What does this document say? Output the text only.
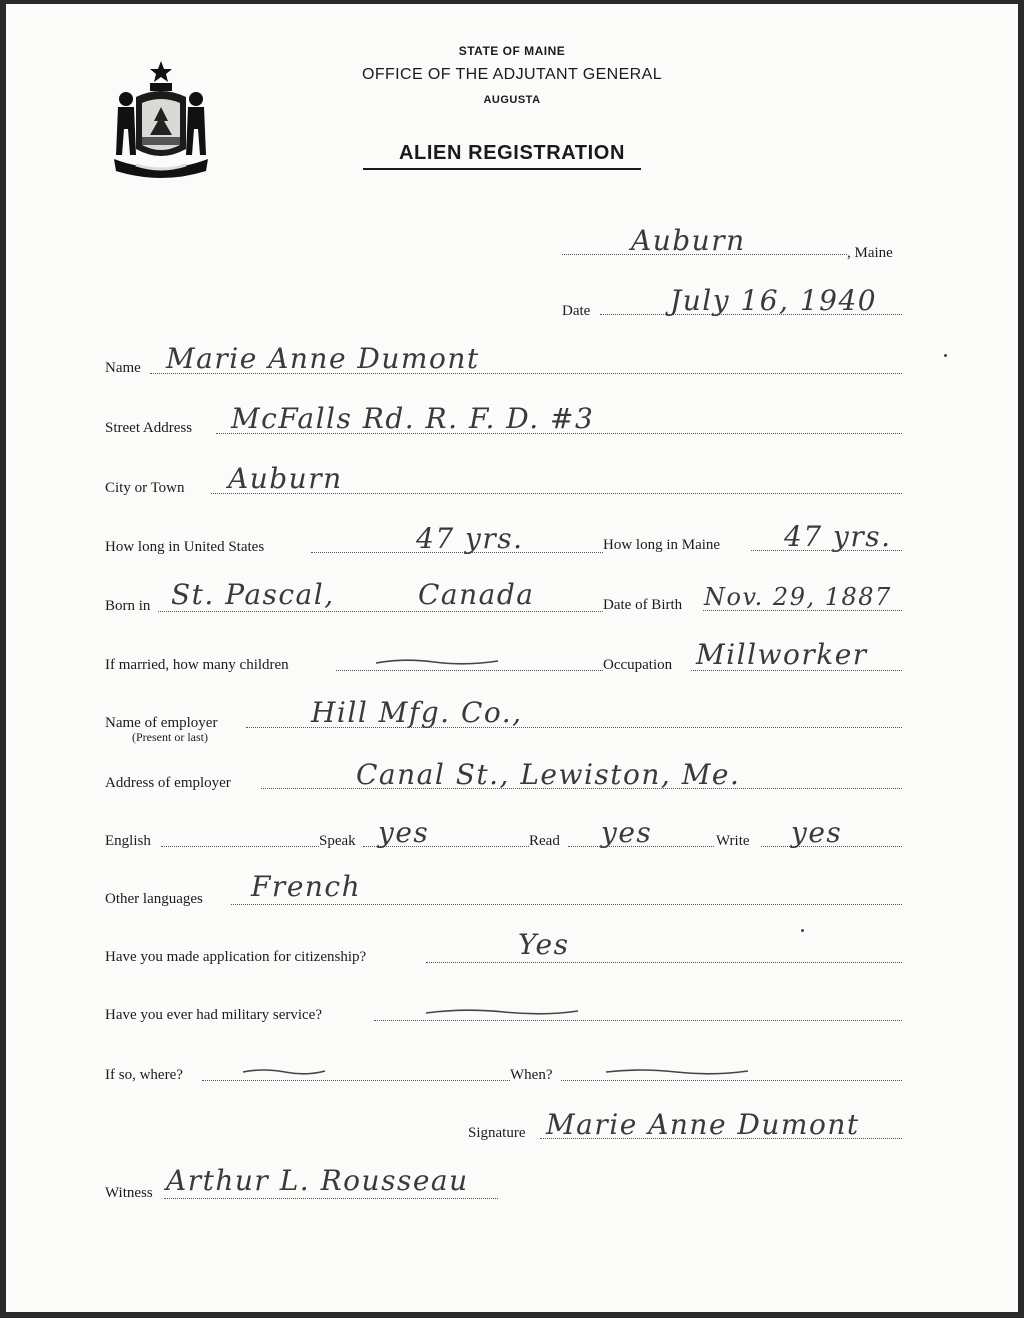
STATE OF MAINE
OFFICE OF THE ADJUTANT GENERAL
AUGUSTA
ALIEN REGISTRATION
Auburn	, Maine
Date	July 16, 1940
Name Marie Anne Dumont
Street Address McFalls Rd. R. F. D. #3
City or Town Auburn
How long in United States	47 yrs.	How long in Maine 47 yrs.
Born in St. Pascal,	Canada	Date of Birth Nov. 29, 1887
If married, how many children	Occupation Millworker
Name of employer
(Present or last)
Hill Mfg. Co.,
Address of employer	Canal St., Lewiston, Me.
English	Speak yes	Read yes	Write yes
Other languages French
Have you made application for citizenship?	Yes
Have you ever had military service?
If so, where?	When?
Signature Marie Anne Dumont
Witness Arthur L. Rousseau
